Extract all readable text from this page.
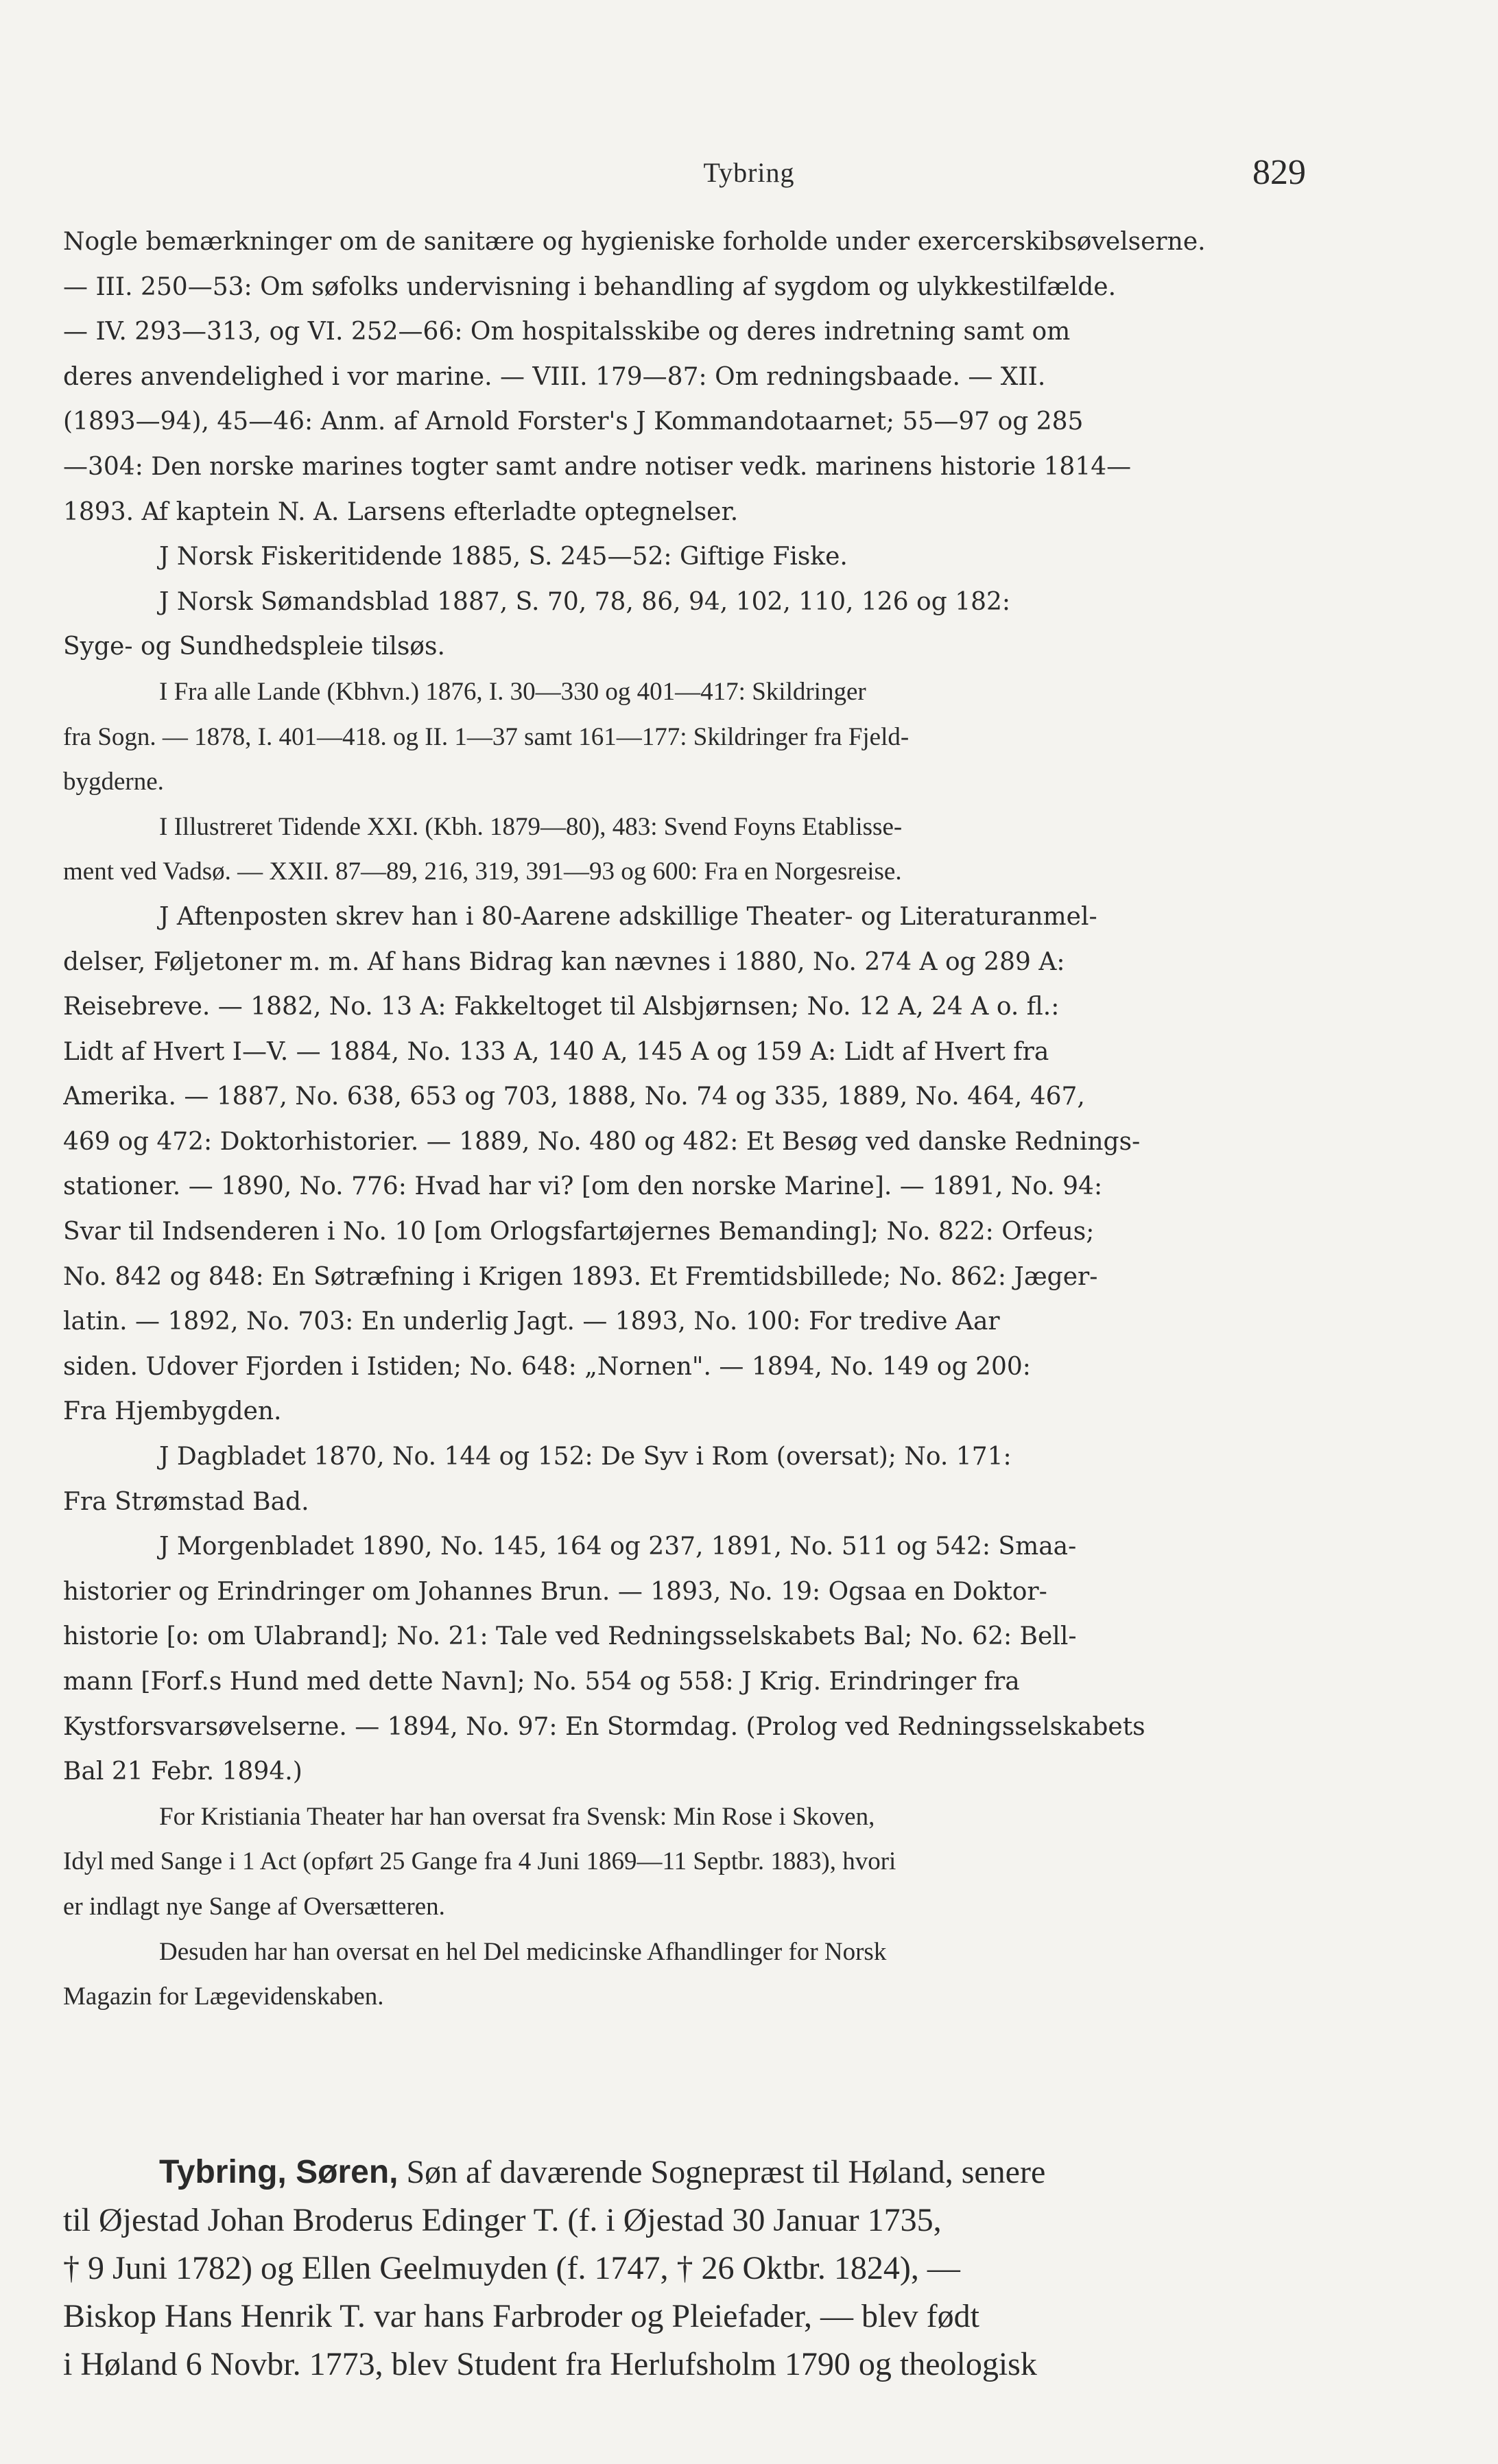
Tybring	829
Nogle bemærkninger om de sanitære og hygieniske forholde under exercerskibsøvelserne.
— III. 250—53: Om søfolks undervisning i behandling af sygdom og ulykkestilfælde.
— IV. 293—313, og VI. 252—66: Om hospitalsskibe og deres indretning samt om
deres anvendelighed i vor marine. — VIII. 179—87: Om redningsbaade. — XII.
(1893—94), 45—46: Anm. af Arnold Forster's J Kommandotaarnet; 55—97 og 285
—304: Den norske marines togter samt andre notiser vedk. marinens historie 1814—
1893. Af kaptein N. A. Larsens efterladte optegnelser.
J Norsk Fiskeritidende 1885, S. 245—52: Giftige Fiske.
J Norsk Sømandsblad 1887, S. 70, 78, 86, 94, 102, 110, 126 og 182:
Syge- og Sundhedspleie tilsøs.
I Fra alle Lande (Kbhvn.) 1876, I. 30—330 og 401—417: Skildringer
fra Sogn. — 1878, I. 401—418. og II. 1—37 samt 161—177: Skildringer fra Fjeld-
bygderne.
I Illustreret Tidende XXI. (Kbh. 1879—80), 483: Svend Foyns Etablisse-
ment ved Vadsø. — XXII. 87—89, 216, 319, 391—93 og 600: Fra en Norgesreise.
J Aftenposten skrev han i 80-Aarene adskillige Theater- og Literaturanmel-
delser, Føljetoner m. m. Af hans Bidrag kan nævnes i 1880, No. 274 A og 289 A:
Reisebreve. — 1882, No. 13 A: Fakkeltoget til Alsbjørnsen; No. 12 A, 24 A o. fl.:
Lidt af Hvert I—V. — 1884, No. 133 A, 140 A, 145 A og 159 A: Lidt af Hvert fra
Amerika. — 1887, No. 638, 653 og 703, 1888, No. 74 og 335, 1889, No. 464, 467,
469 og 472: Doktorhistorier. — 1889, No. 480 og 482: Et Besøg ved danske Rednings-
stationer. — 1890, No. 776: Hvad har vi? [om den norske Marine]. — 1891, No. 94:
Svar til Indsenderen i No. 10 [om Orlogsfartøjernes Bemanding]; No. 822: Orfeus;
No. 842 og 848: En Søtræfning i Krigen 1893. Et Fremtidsbillede; No. 862: Jæger-
latin. — 1892, No. 703: En underlig Jagt. — 1893, No. 100: For tredive Aar
siden. Udover Fjorden i Istiden; No. 648: „Nornen". — 1894, No. 149 og 200:
Fra Hjembygden.
J Dagbladet 1870, No. 144 og 152: De Syv i Rom (oversat); No. 171:
Fra Strømstad Bad.
J Morgenbladet 1890, No. 145, 164 og 237, 1891, No. 511 og 542: Smaa-
historier og Erindringer om Johannes Brun. — 1893, No. 19: Ogsaa en Doktor-
historie [o: om Ulabrand]; No. 21: Tale ved Redningsselskabets Bal; No. 62: Bell-
mann [Forf.s Hund med dette Navn]; No. 554 og 558: J Krig. Erindringer fra
Kystforsvarsøvelserne. — 1894, No. 97: En Stormdag. (Prolog ved Redningsselskabets
Bal 21 Febr. 1894.)
For Kristiania Theater har han oversat fra Svensk: Min Rose i Skoven,
Idyl med Sange i 1 Act (opført 25 Gange fra 4 Juni 1869—11 Septbr. 1883), hvori
er indlagt nye Sange af Oversætteren.
Desuden har han oversat en hel Del medicinske Afhandlinger for Norsk
Magazin for Lægevidenskaben.
Tybring, Søren, Søn af daværende Sognepræst til Høland, senere
til Øjestad Johan Broderus Edinger T. (f. i Øjestad 30 Januar 1735,
† 9 Juni 1782) og Ellen Geelmuyden (f. 1747, † 26 Oktbr. 1824), —
Biskop Hans Henrik T. var hans Farbroder og Pleiefader, — blev født
i Høland 6 Novbr. 1773, blev Student fra Herlufsholm 1790 og theologisk
